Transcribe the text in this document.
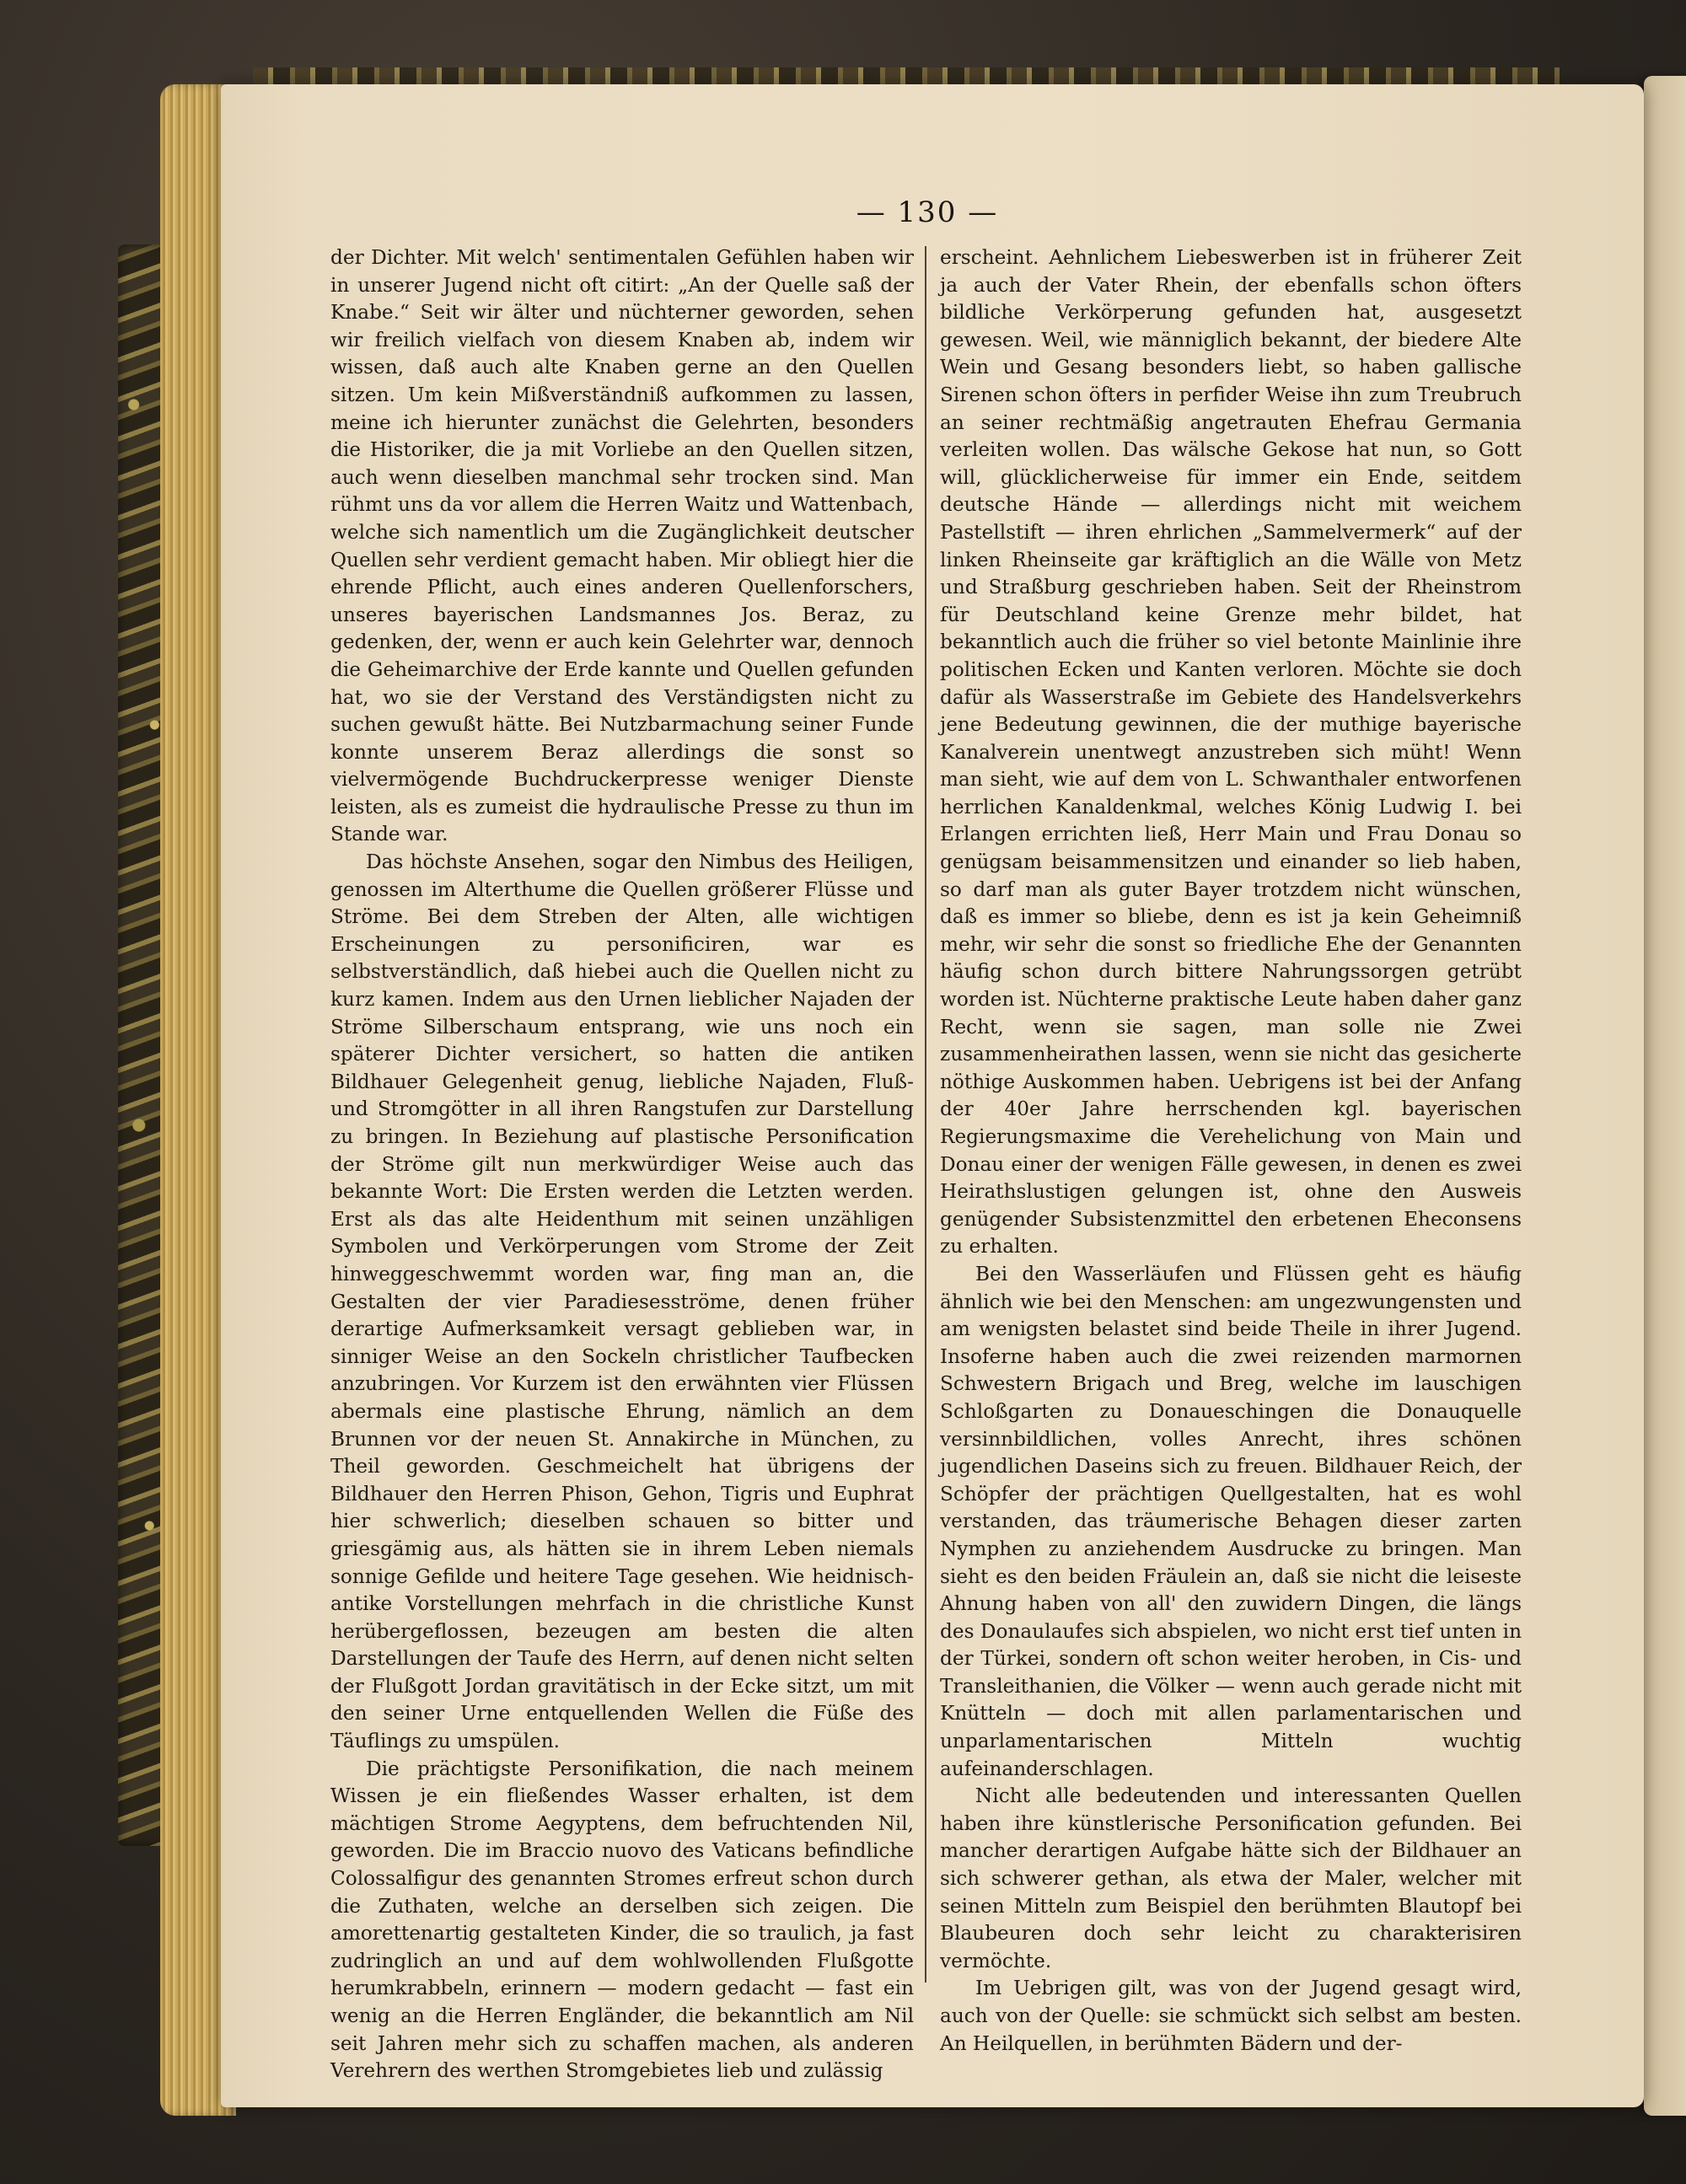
— 130 —

der Dichter. Mit welch' sentimentalen Gefühlen haben wir in unserer Jugend nicht oft citirt: „An der Quelle saß der Knabe.“ Seit wir älter und nüchterner geworden, sehen wir freilich vielfach von diesem Knaben ab, indem wir wissen, daß auch alte Knaben gerne an den Quellen sitzen. Um kein Mißverständniß aufkommen zu lassen, meine ich hierunter zunächst die Gelehrten, besonders die Historiker, die ja mit Vorliebe an den Quellen sitzen, auch wenn dieselben manchmal sehr trocken sind. Man rühmt uns da vor allem die Herren Waitz und Wattenbach, welche sich namentlich um die Zugänglichkeit deutscher Quellen sehr verdient gemacht haben. Mir obliegt hier die ehrende Pflicht, auch eines anderen Quellenforschers, unseres bayerischen Landsmannes Jos. Beraz, zu gedenken, der, wenn er auch kein Gelehrter war, dennoch die Geheimarchive der Erde kannte und Quellen gefunden hat, wo sie der Verstand des Verständigsten nicht zu suchen gewußt hätte. Bei Nutzbarmachung seiner Funde konnte unserem Beraz allerdings die sonst so vielvermögende Buchdruckerpresse weniger Dienste leisten, als es zumeist die hydraulische Presse zu thun im Stande war.

Das höchste Ansehen, sogar den Nimbus des Heiligen, genossen im Alterthume die Quellen größerer Flüsse und Ströme. Bei dem Streben der Alten, alle wichtigen Erscheinungen zu personificiren, war es selbstverständlich, daß hiebei auch die Quellen nicht zu kurz kamen. Indem aus den Urnen lieblicher Najaden der Ströme Silberschaum entsprang, wie uns noch ein späterer Dichter versichert, so hatten die antiken Bildhauer Gelegenheit genug, liebliche Najaden, Fluß- und Stromgötter in all ihren Rangstufen zur Darstellung zu bringen. In Beziehung auf plastische Personification der Ströme gilt nun merkwürdiger Weise auch das bekannte Wort: Die Ersten werden die Letzten werden. Erst als das alte Heidenthum mit seinen unzähligen Symbolen und Verkörperungen vom Strome der Zeit hinweggeschwemmt worden war, fing man an, die Gestalten der vier Paradiesesströme, denen früher derartige Aufmerksamkeit versagt geblieben war, in sinniger Weise an den Sockeln christlicher Taufbecken anzubringen. Vor Kurzem ist den erwähnten vier Flüssen abermals eine plastische Ehrung, nämlich an dem Brunnen vor der neuen St. Annakirche in München, zu Theil geworden. Geschmeichelt hat übrigens der Bildhauer den Herren Phison, Gehon, Tigris und Euphrat hier schwerlich; dieselben schauen so bitter und griesgämig aus, als hätten sie in ihrem Leben niemals sonnige Gefilde und heitere Tage gesehen. Wie heidnisch-antike Vorstellungen mehrfach in die christliche Kunst herübergeflossen, bezeugen am besten die alten Darstellungen der Taufe des Herrn, auf denen nicht selten der Flußgott Jordan gravitätisch in der Ecke sitzt, um mit den seiner Urne entquellenden Wellen die Füße des Täuflings zu umspülen.

Die prächtigste Personifikation, die nach meinem Wissen je ein fließendes Wasser erhalten, ist dem mächtigen Strome Aegyptens, dem befruchtenden Nil, geworden. Die im Braccio nuovo des Vaticans befindliche Colossalfigur des genannten Stromes erfreut schon durch die Zuthaten, welche an derselben sich zeigen. Die amorettenartig gestalteten Kinder, die so traulich, ja fast zudringlich an und auf dem wohlwollenden Flußgotte herumkrabbeln, erinnern — modern gedacht — fast ein wenig an die Herren Engländer, die bekanntlich am Nil seit Jahren mehr sich zu schaffen machen, als anderen Verehrern des werthen Stromgebietes lieb und zulässig

erscheint. Aehnlichem Liebeswerben ist in früherer Zeit ja auch der Vater Rhein, der ebenfalls schon öfters bildliche Verkörperung gefunden hat, ausgesetzt gewesen. Weil, wie männiglich bekannt, der biedere Alte Wein und Gesang besonders liebt, so haben gallische Sirenen schon öfters in perfider Weise ihn zum Treubruch an seiner rechtmäßig angetrauten Ehefrau Germania verleiten wollen. Das wälsche Gekose hat nun, so Gott will, glücklicherweise für immer ein Ende, seitdem deutsche Hände — allerdings nicht mit weichem Pastellstift — ihren ehrlichen „Sammelvermerk“ auf der linken Rheinseite gar kräftiglich an die Wälle von Metz und Straßburg geschrieben haben. Seit der Rheinstrom für Deutschland keine Grenze mehr bildet, hat bekanntlich auch die früher so viel betonte Mainlinie ihre politischen Ecken und Kanten verloren. Möchte sie doch dafür als Wasserstraße im Gebiete des Handelsverkehrs jene Bedeutung gewinnen, die der muthige bayerische Kanalverein unentwegt anzustreben sich müht! Wenn man sieht, wie auf dem von L. Schwanthaler entworfenen herrlichen Kanaldenkmal, welches König Ludwig I. bei Erlangen errichten ließ, Herr Main und Frau Donau so genügsam beisammensitzen und einander so lieb haben, so darf man als guter Bayer trotzdem nicht wünschen, daß es immer so bliebe, denn es ist ja kein Geheimniß mehr, wir sehr die sonst so friedliche Ehe der Genannten häufig schon durch bittere Nahrungssorgen getrübt worden ist. Nüchterne praktische Leute haben daher ganz Recht, wenn sie sagen, man solle nie Zwei zusammenheirathen lassen, wenn sie nicht das gesicherte nöthige Auskommen haben. Uebrigens ist bei der Anfang der 40er Jahre herrschenden kgl. bayerischen Regierungsmaxime die Verehelichung von Main und Donau einer der wenigen Fälle gewesen, in denen es zwei Heirathslustigen gelungen ist, ohne den Ausweis genügender Subsistenzmittel den erbetenen Eheconsens zu erhalten.

Bei den Wasserläufen und Flüssen geht es häufig ähnlich wie bei den Menschen: am ungezwungensten und am wenigsten belastet sind beide Theile in ihrer Jugend. Insoferne haben auch die zwei reizenden marmornen Schwestern Brigach und Breg, welche im lauschigen Schloßgarten zu Donaueschingen die Donauquelle versinnbildlichen, volles Anrecht, ihres schönen jugendlichen Daseins sich zu freuen. Bildhauer Reich, der Schöpfer der prächtigen Quellgestalten, hat es wohl verstanden, das träumerische Behagen dieser zarten Nymphen zu anziehendem Ausdrucke zu bringen. Man sieht es den beiden Fräulein an, daß sie nicht die leiseste Ahnung haben von all' den zuwidern Dingen, die längs des Donaulaufes sich abspielen, wo nicht erst tief unten in der Türkei, sondern oft schon weiter heroben, in Cis- und Transleithanien, die Völker — wenn auch gerade nicht mit Knütteln — doch mit allen parlamentarischen und unparlamentarischen Mitteln wuchtig aufeinanderschlagen.

Nicht alle bedeutenden und interessanten Quellen haben ihre künstlerische Personification gefunden. Bei mancher derartigen Aufgabe hätte sich der Bildhauer an sich schwerer gethan, als etwa der Maler, welcher mit seinen Mitteln zum Beispiel den berühmten Blautopf bei Blaubeuren doch sehr leicht zu charakterisiren vermöchte.

Im Uebrigen gilt, was von der Jugend gesagt wird, auch von der Quelle: sie schmückt sich selbst am besten. An Heilquellen, in berühmten Bädern und der-
